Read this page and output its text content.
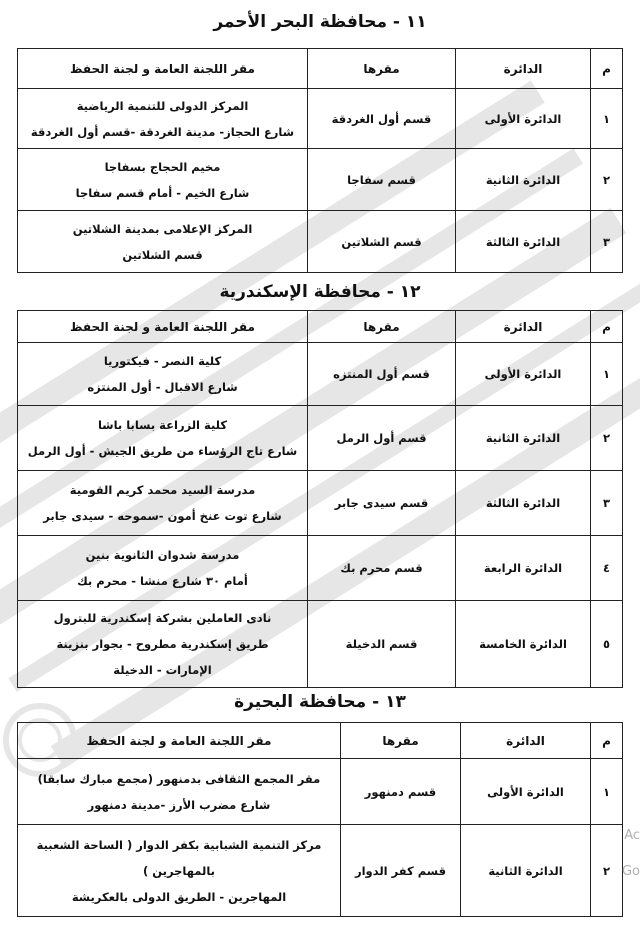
١١ - محافظة البحر الأحمر
م	الدائرة	مقرها	مقر اللجنة العامة و لجنة الحفظ
١	الدائرة الأولى	قسم أول الغردقة	المركز الدولى للتنمية الرياضية
شارع الحجاز- مدينة الغردقة -قسم أول الغردقة

٢	الدائرة الثانية	قسم سفاجا	مخيم الحجاج بسفاجا
شارع الخيم - أمام قسم سفاجا

٣	الدائرة الثالثة	قسم الشلاتين	المركز الإعلامى بمدينة الشلاتين
قسم الشلاتين
١٢ - محافظة الإسكندرية
م	الدائرة	مقرها	مقر اللجنة العامة و لجنة الحفظ
١	الدائرة الأولى	قسم أول المنتزه	كلية النصر - فيكتوريا
شارع الاقبال - أول المنتزه

٢	الدائرة الثانية	قسم أول الرمل	كلية الزراعة بسابا باشا
شارع تاج الرؤساء من طريق الجيش - أول الرمل

٣	الدائرة الثالثة	قسم سيدى جابر	مدرسة السيد محمد كريم القومية
شارع توت عنخ أمون -سموحه - سيدى جابر

٤	الدائرة الرابعة	قسم محرم بك	مدرسة شدوان الثانوية بنين
أمام ٣٠ شارع منشا - محرم بك

٥	الدائرة الخامسة	قسم الدخيلة	نادى العاملين بشركة إسكندرية للبترول
طريق إسكندرية مطروح - بجوار بنزينة
الإمارات - الدخيلة
١٣ - محافظة البحيرة
م	الدائرة	مقرها	مقر اللجنة العامة و لجنة الحفظ
١	الدائرة الأولى	قسم دمنهور	مقر المجمع الثقافى بدمنهور (مجمع مبارك سابقا)
شارع مضرب الأرز -مدينة دمنهور

٢	الدائرة الثانية	قسم كفر الدوار	مركز التنمية الشبابية بكفر الدوار ( الساحة الشعبية
بالمهاجرين )
المهاجرين - الطريق الدولى بالعكريشة
Ac
Go
